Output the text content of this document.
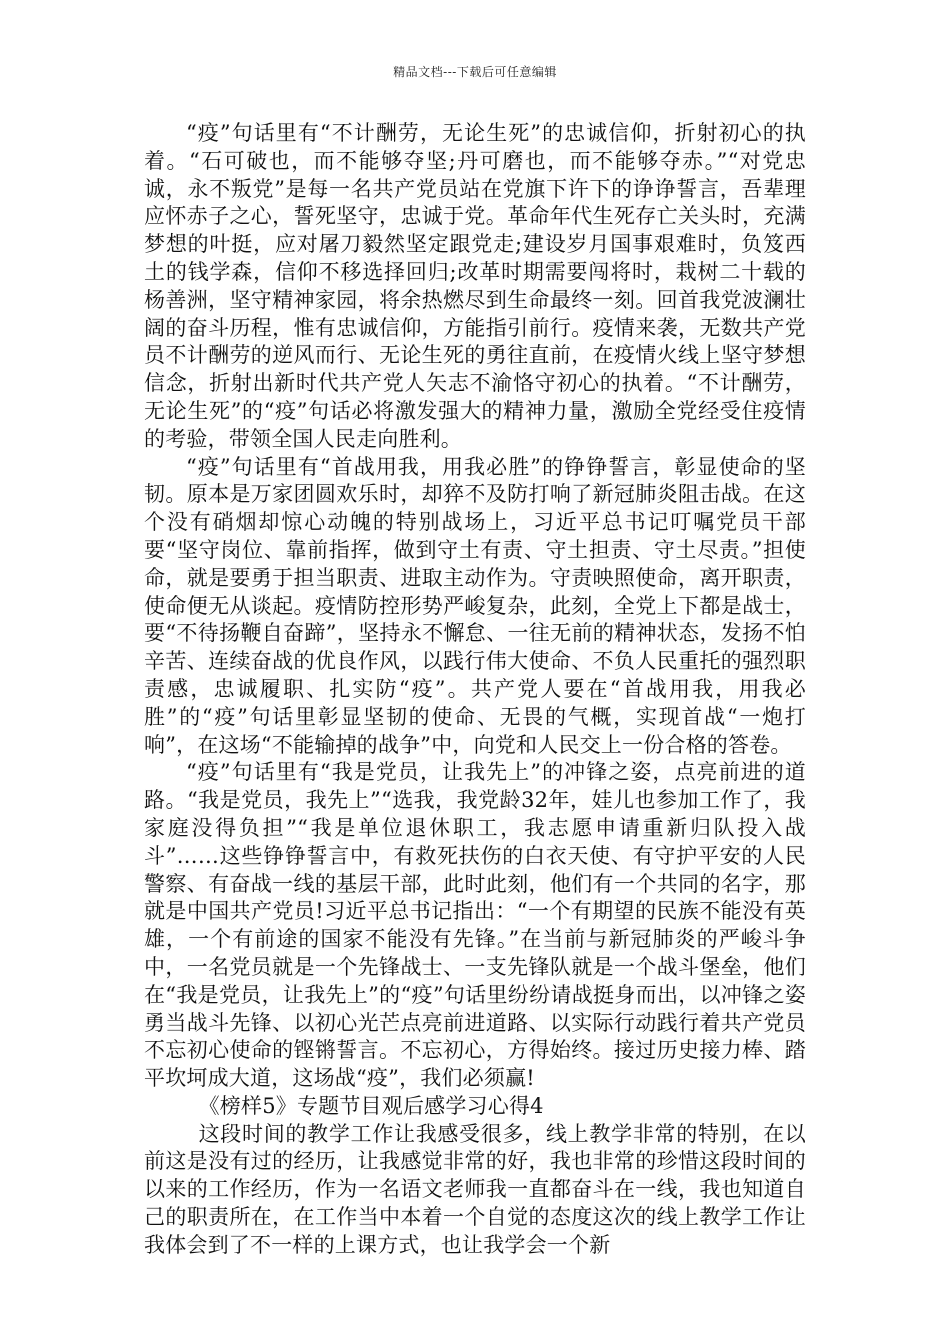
精品文档---下载后可任意编辑

“疫”句话里有“不计酬劳，无论生死”的忠诚信仰，折射初心的执着。“石可破也，而不能够夺坚;丹可磨也，而不能够夺赤。”“对党忠诚，永不叛党”是每一名共产党员站在党旗下许下的诤诤誓言，吾辈理应怀赤子之心，誓死坚守，忠诚于党。革命年代生死存亡关头时，充满梦想的叶挺，应对屠刀毅然坚定跟党走;建设岁月国事艰难时，负笈西土的钱学森，信仰不移选择回归;改革时期需要闯将时，栽树二十载的杨善洲，坚守精神家园，将余热燃尽到生命最终一刻。回首我党波澜壮阔的奋斗历程，惟有忠诚信仰，方能指引前行。疫情来袭，无数共产党员不计酬劳的逆风而行、无论生死的勇往直前，在疫情火线上坚守梦想信念，折射出新时代共产党人矢志不渝恪守初心的执着。“不计酬劳，无论生死”的“疫”句话必将激发强大的精神力量，激励全党经受住疫情的考验，带领全国人民走向胜利。

“疫”句话里有“首战用我，用我必胜”的铮铮誓言，彰显使命的坚韧。原本是万家团圆欢乐时，却猝不及防打响了新冠肺炎阻击战。在这个没有硝烟却惊心动魄的特别战场上，习近平总书记叮嘱党员干部要“坚守岗位、靠前指挥，做到守土有责、守土担责、守土尽责。”担使命，就是要勇于担当职责、进取主动作为。守责映照使命，离开职责，使命便无从谈起。疫情防控形势严峻复杂，此刻，全党上下都是战士，要“不待扬鞭自奋蹄”，坚持永不懈怠、一往无前的精神状态，发扬不怕辛苦、连续奋战的优良作风，以践行伟大使命、不负人民重托的强烈职责感，忠诚履职、扎实防“疫”。共产党人要在“首战用我，用我必胜”的“疫”句话里彰显坚韧的使命、无畏的气概，实现首战“一炮打响”，在这场“不能输掉的战争”中，向党和人民交上一份合格的答卷。

“疫”句话里有“我是党员，让我先上”的冲锋之姿，点亮前进的道路。“我是党员，我先上”“选我，我党龄32年，娃儿也参加工作了，我家庭没得负担”“我是单位退休职工，我志愿申请重新归队投入战斗”……这些铮铮誓言中，有救死扶伤的白衣天使、有守护平安的人民警察、有奋战一线的基层干部，此时此刻，他们有一个共同的名字，那就是中国共产党员!习近平总书记指出：“一个有期望的民族不能没有英雄，一个有前途的国家不能没有先锋。”在当前与新冠肺炎的严峻斗争中，一名党员就是一个先锋战士、一支先锋队就是一个战斗堡垒，他们在“我是党员，让我先上”的“疫”句话里纷纷请战挺身而出，以冲锋之姿勇当战斗先锋、以初心光芒点亮前进道路、以实际行动践行着共产党员不忘初心使命的铿锵誓言。不忘初心，方得始终。接过历史接力棒、踏平坎坷成大道，这场战“疫”，我们必须赢!

《榜样5》专题节目观后感学习心得4

这段时间的教学工作让我感受很多，线上教学非常的特别，在以前这是没有过的经历，让我感觉非常的好，我也非常的珍惜这段时间的以来的工作经历，作为一名语文老师我一直都奋斗在一线，我也知道自己的职责所在，在工作当中本着一个自觉的态度这次的线上教学工作让我体会到了不一样的上课方式，也让我学会一个新
